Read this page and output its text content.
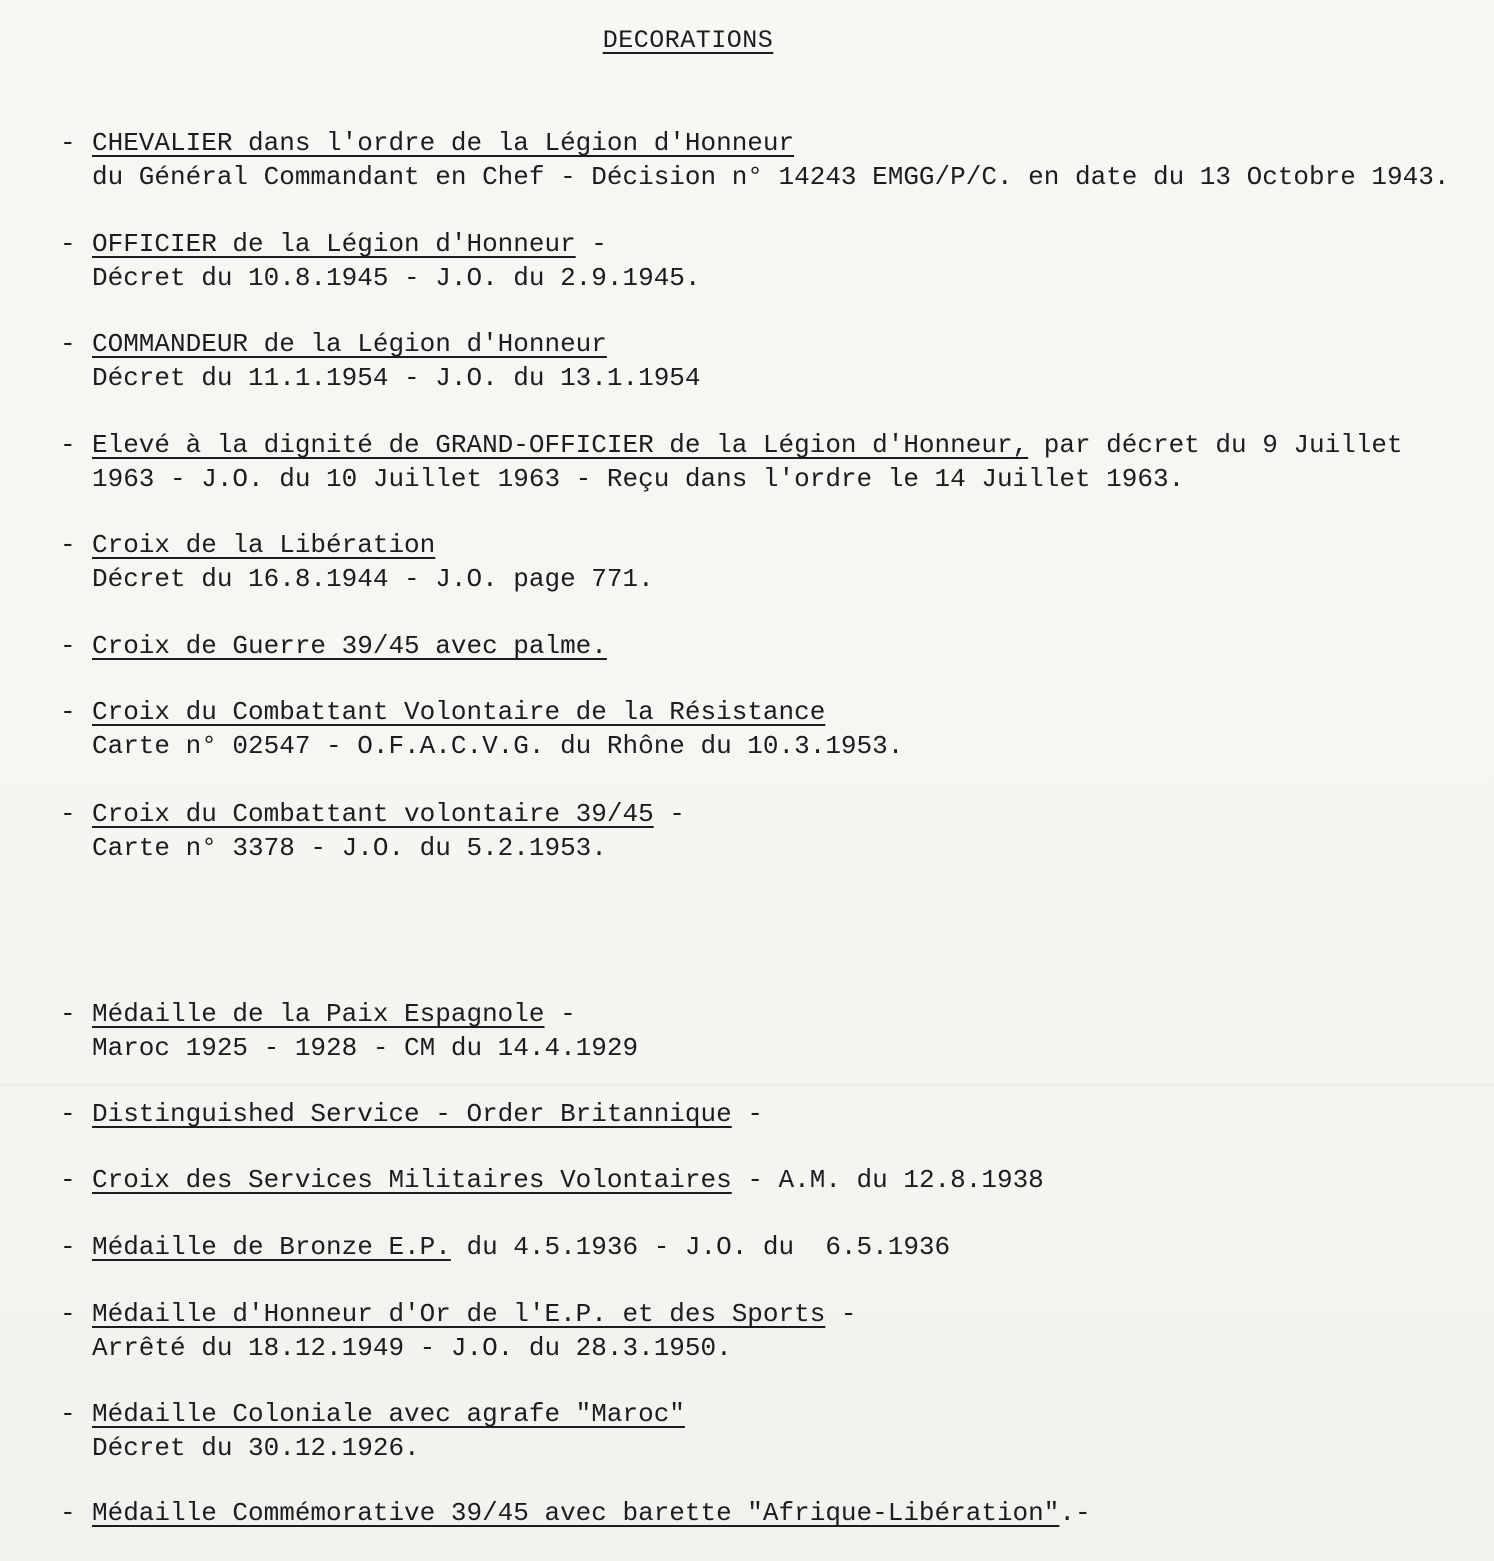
DECORATIONS
- CHEVALIER dans l'ordre de la Légion d'Honneur
du Général Commandant en Chef - Décision n° 14243 EMGG/P/C. en date du 13 Octobre 1943.
- OFFICIER de la Légion d'Honneur -
Décret du 10.8.1945 - J.O. du 2.9.1945.
- COMMANDEUR de la Légion d'Honneur
Décret du 11.1.1954 - J.O. du 13.1.1954
- Elevé à la dignité de GRAND-OFFICIER de la Légion d'Honneur, par décret du 9 Juillet
1963 - J.O. du 10 Juillet 1963 - Reçu dans l'ordre le 14 Juillet 1963.
- Croix de la Libération
Décret du 16.8.1944 - J.O. page 771.
- Croix de Guerre 39/45 avec palme.
- Croix du Combattant Volontaire de la Résistance
Carte n° 02547 - O.F.A.C.V.G. du Rhône du 10.3.1953.
- Croix du Combattant volontaire 39/45 -
Carte n° 3378 - J.O. du 5.2.1953.
- Médaille de la Paix Espagnole -
Maroc 1925 - 1928 - CM du 14.4.1929
- Distinguished Service - Order Britannique -
- Croix des Services Militaires Volontaires - A.M. du 12.8.1938
- Médaille de Bronze E.P. du 4.5.1936 - J.O. du  6.5.1936
- Médaille d'Honneur d'Or de l'E.P. et des Sports -
Arrêté du 18.12.1949 - J.O. du 28.3.1950.
- Médaille Coloniale avec agrafe "Maroc"
Décret du 30.12.1926.
- Médaille Commémorative 39/45 avec barette "Afrique-Libération".-
